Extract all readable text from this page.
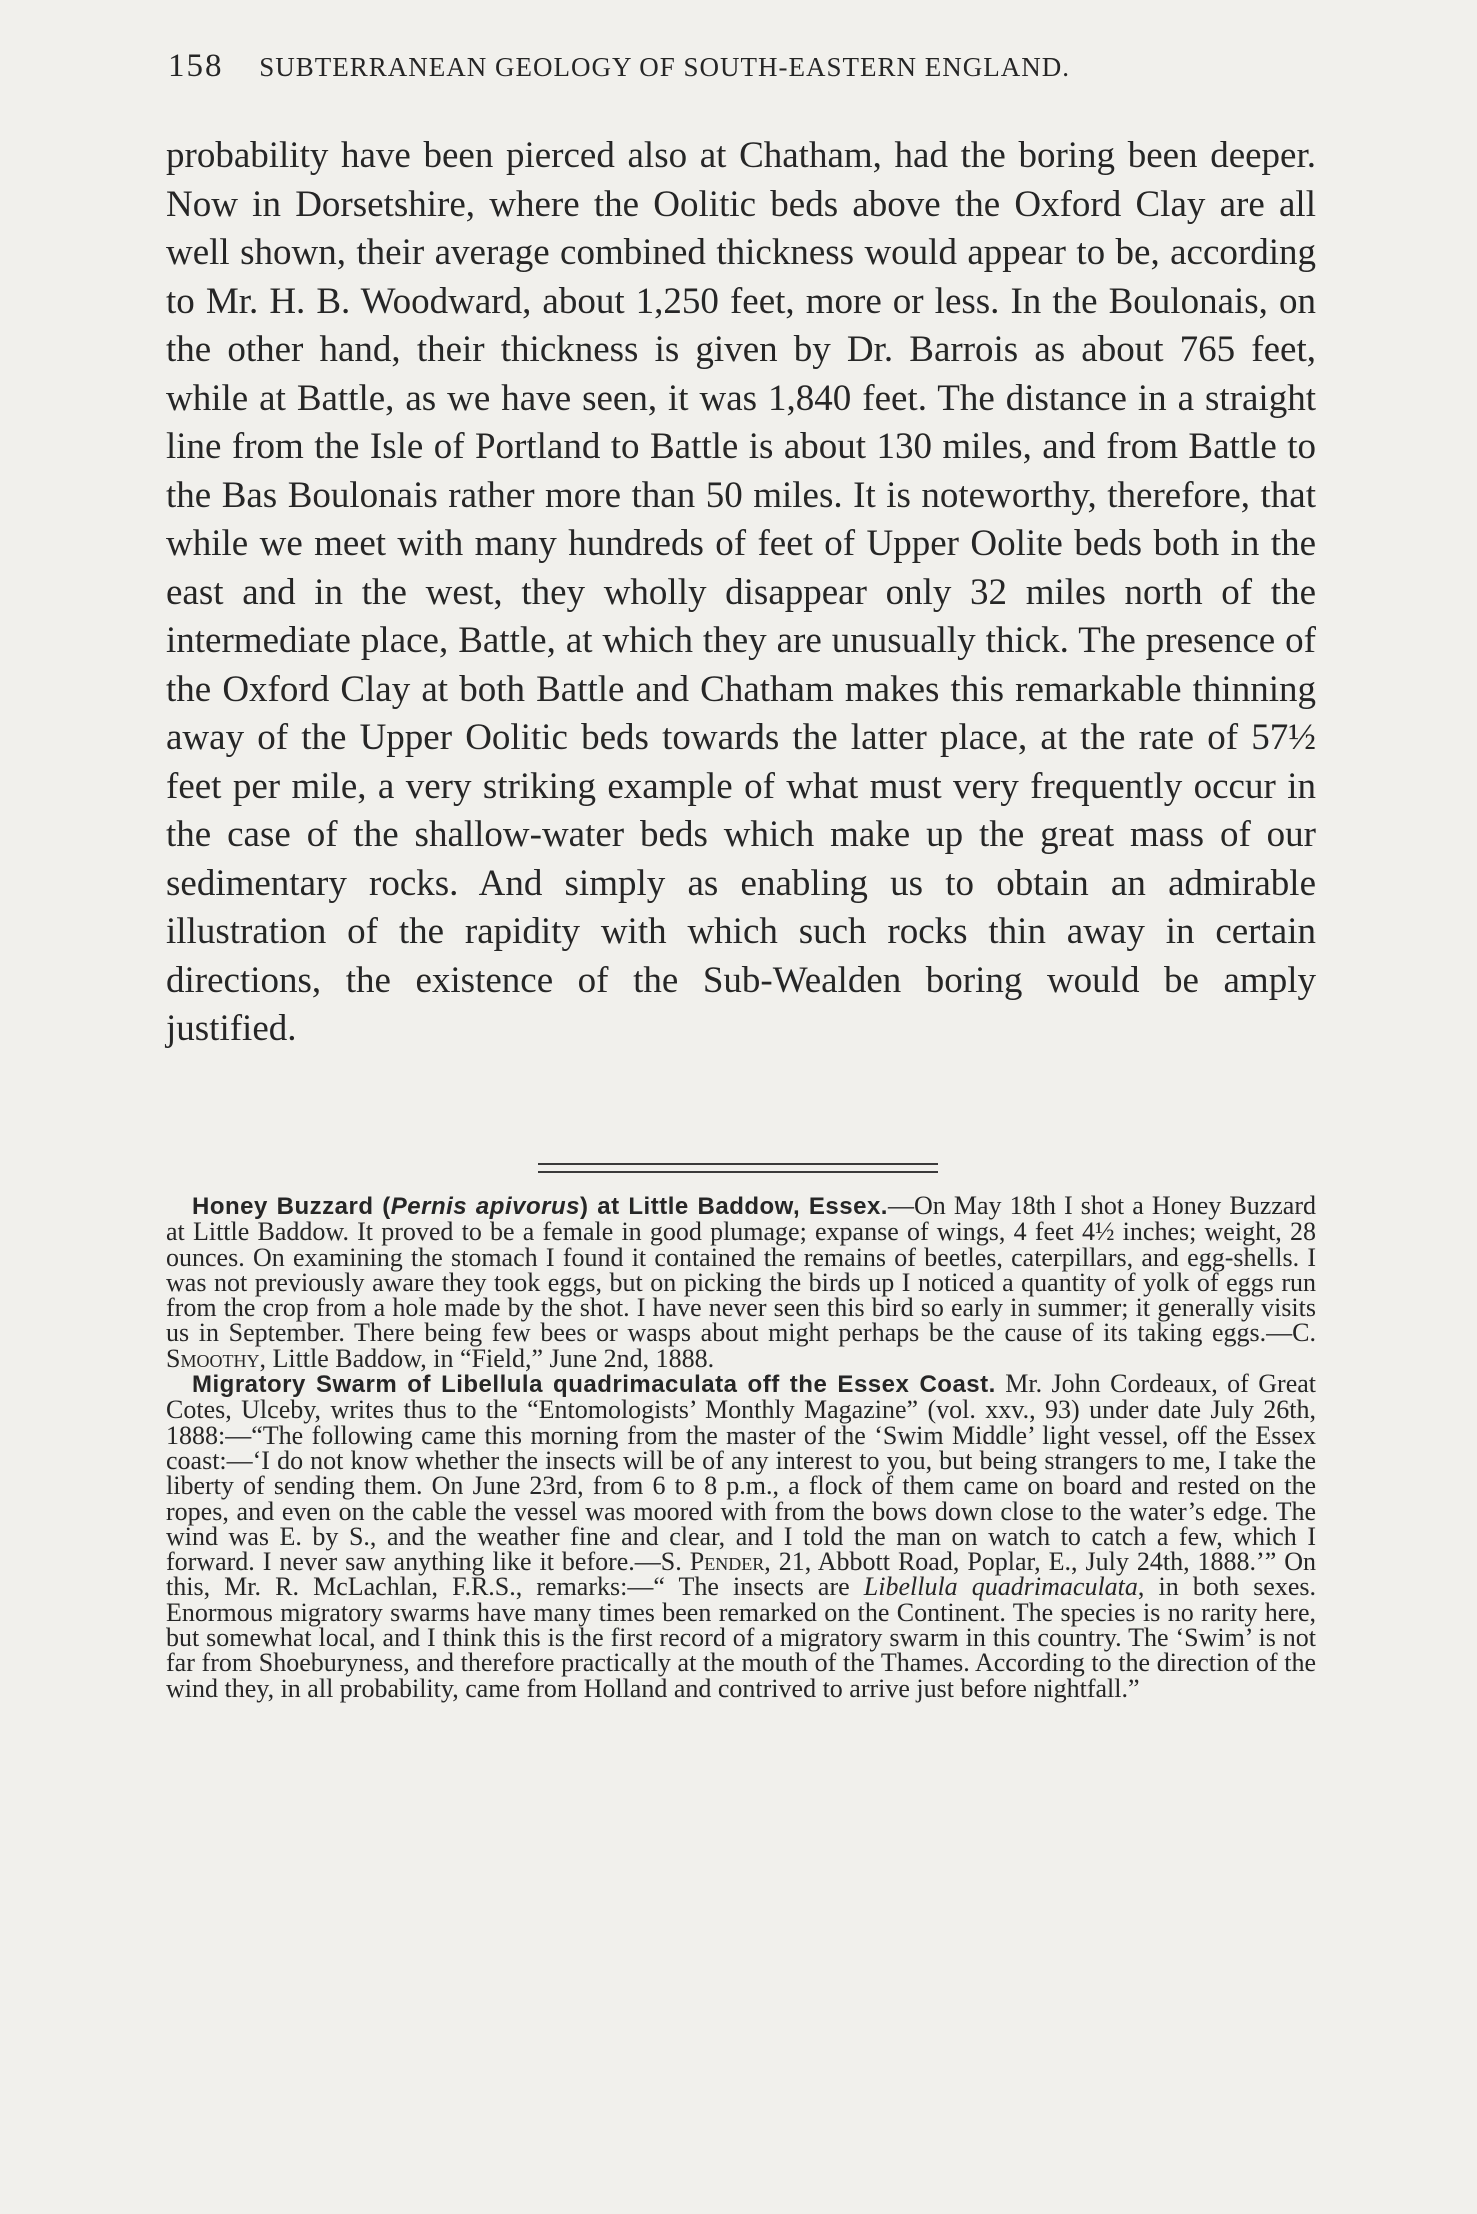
158 SUBTERRANEAN GEOLOGY OF SOUTH-EASTERN ENGLAND.

probability have been pierced also at Chatham, had the boring been deeper. Now in Dorsetshire, where the Oolitic beds above the Oxford Clay are all well shown, their average combined thickness would appear to be, according to Mr. H. B. Woodward, about 1,250 feet, more or less. In the Boulonais, on the other hand, their thickness is given by Dr. Barrois as about 765 feet, while at Battle, as we have seen, it was 1,840 feet. The distance in a straight line from the Isle of Portland to Battle is about 130 miles, and from Battle to the Bas Boulonais rather more than 50 miles. It is noteworthy, therefore, that while we meet with many hundreds of feet of Upper Oolite beds both in the east and in the west, they wholly disappear only 32 miles north of the intermediate place, Battle, at which they are unusually thick. The presence of the Oxford Clay at both Battle and Chatham makes this remarkable thinning away of the Upper Oolitic beds towards the latter place, at the rate of 57½ feet per mile, a very striking example of what must very frequently occur in the case of the shallow-water beds which make up the great mass of our sedimentary rocks. And simply as enabling us to obtain an admirable illustration of the rapidity with which such rocks thin away in certain directions, the existence of the Sub-Wealden boring would be amply justified.

Honey Buzzard (Pernis apivorus) at Little Baddow, Essex.—On May 18th I shot a Honey Buzzard at Little Baddow. It proved to be a female in good plumage; expanse of wings, 4 feet 4½ inches; weight, 28 ounces. On examining the stomach I found it contained the remains of beetles, caterpillars, and egg-shells. I was not previously aware they took eggs, but on picking the birds up I noticed a quantity of yolk of eggs run from the crop from a hole made by the shot. I have never seen this bird so early in summer; it generally visits us in September. There being few bees or wasps about might perhaps be the cause of its taking eggs.—C. Smoothy, Little Baddow, in “Field,” June 2nd, 1888.

Migratory Swarm of Libellula quadrimaculata off the Essex Coast. Mr. John Cordeaux, of Great Cotes, Ulceby, writes thus to the “Entomologists’ Monthly Magazine” (vol. xxv., 93) under date July 26th, 1888:—“The following came this morning from the master of the ‘Swim Middle’ light vessel, off the Essex coast:—‘I do not know whether the insects will be of any interest to you, but being strangers to me, I take the liberty of sending them. On June 23rd, from 6 to 8 p.m., a flock of them came on board and rested on the ropes, and even on the cable the vessel was moored with from the bows down close to the water’s edge. The wind was E. by S., and the weather fine and clear, and I told the man on watch to catch a few, which I forward. I never saw anything like it before.—S. Pender, 21, Abbott Road, Poplar, E., July 24th, 1888.’” On this, Mr. R. McLachlan, F.R.S., remarks:—“ The insects are Libellula quadrimaculata, in both sexes. Enormous migratory swarms have many times been remarked on the Continent. The species is no rarity here, but somewhat local, and I think this is the first record of a migratory swarm in this country. The ‘Swim’ is not far from Shoeburyness, and therefore practically at the mouth of the Thames. According to the direction of the wind they, in all probability, came from Holland and contrived to arrive just before nightfall.”
